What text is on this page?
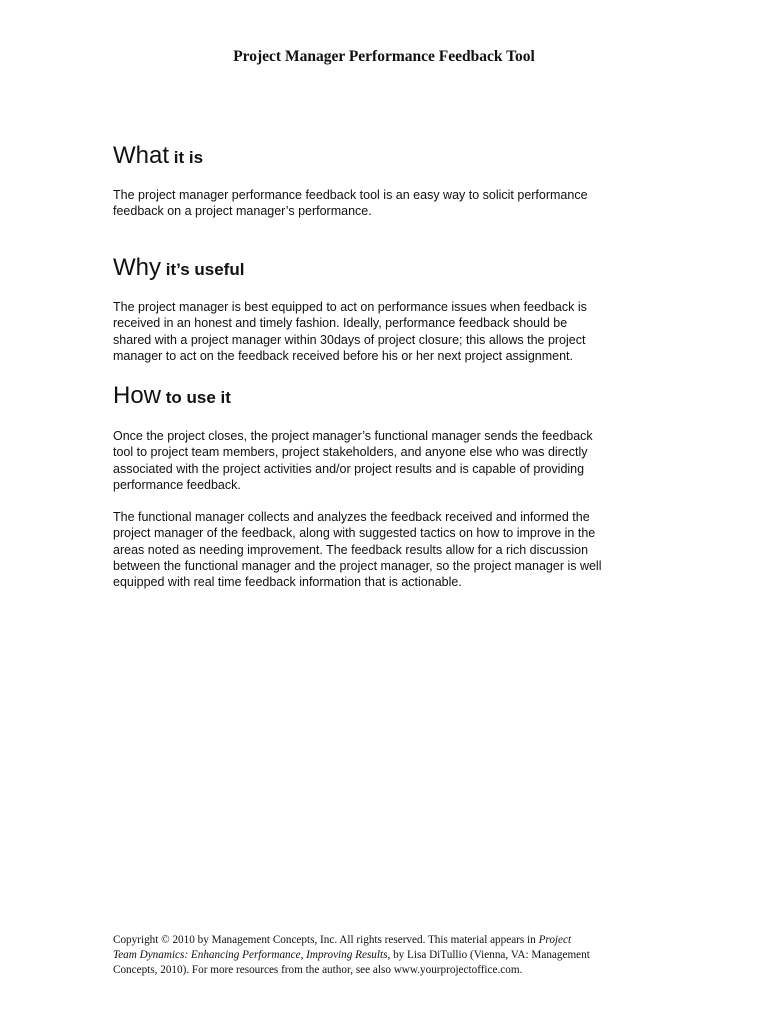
Project Manager Performance Feedback Tool
What it is
The project manager performance feedback tool is an easy way to solicit performance
feedback on a project manager’s performance.
Why it’s useful
The project manager is best equipped to act on performance issues when feedback is
received in an honest and timely fashion. Ideally, performance feedback should be
shared with a project manager within 30days of project closure; this allows the project
manager to act on the feedback received before his or her next project assignment.
How to use it
Once the project closes, the project manager’s functional manager sends the feedback
tool to project team members, project stakeholders, and anyone else who was directly
associated with the project activities and/or project results and is capable of providing
performance feedback.
The functional manager collects and analyzes the feedback received and informed the
project manager of the feedback, along with suggested tactics on how to improve in the
areas noted as needing improvement. The feedback results allow for a rich discussion
between the functional manager and the project manager, so the project manager is well
equipped with real time feedback information that is actionable.
Copyright © 2010 by Management Concepts, Inc. All rights reserved. This material appears in Project
Team Dynamics: Enhancing Performance, Improving Results, by Lisa DiTullio (Vienna, VA: Management
Concepts, 2010). For more resources from the author, see also www.yourprojectoffice.com.
